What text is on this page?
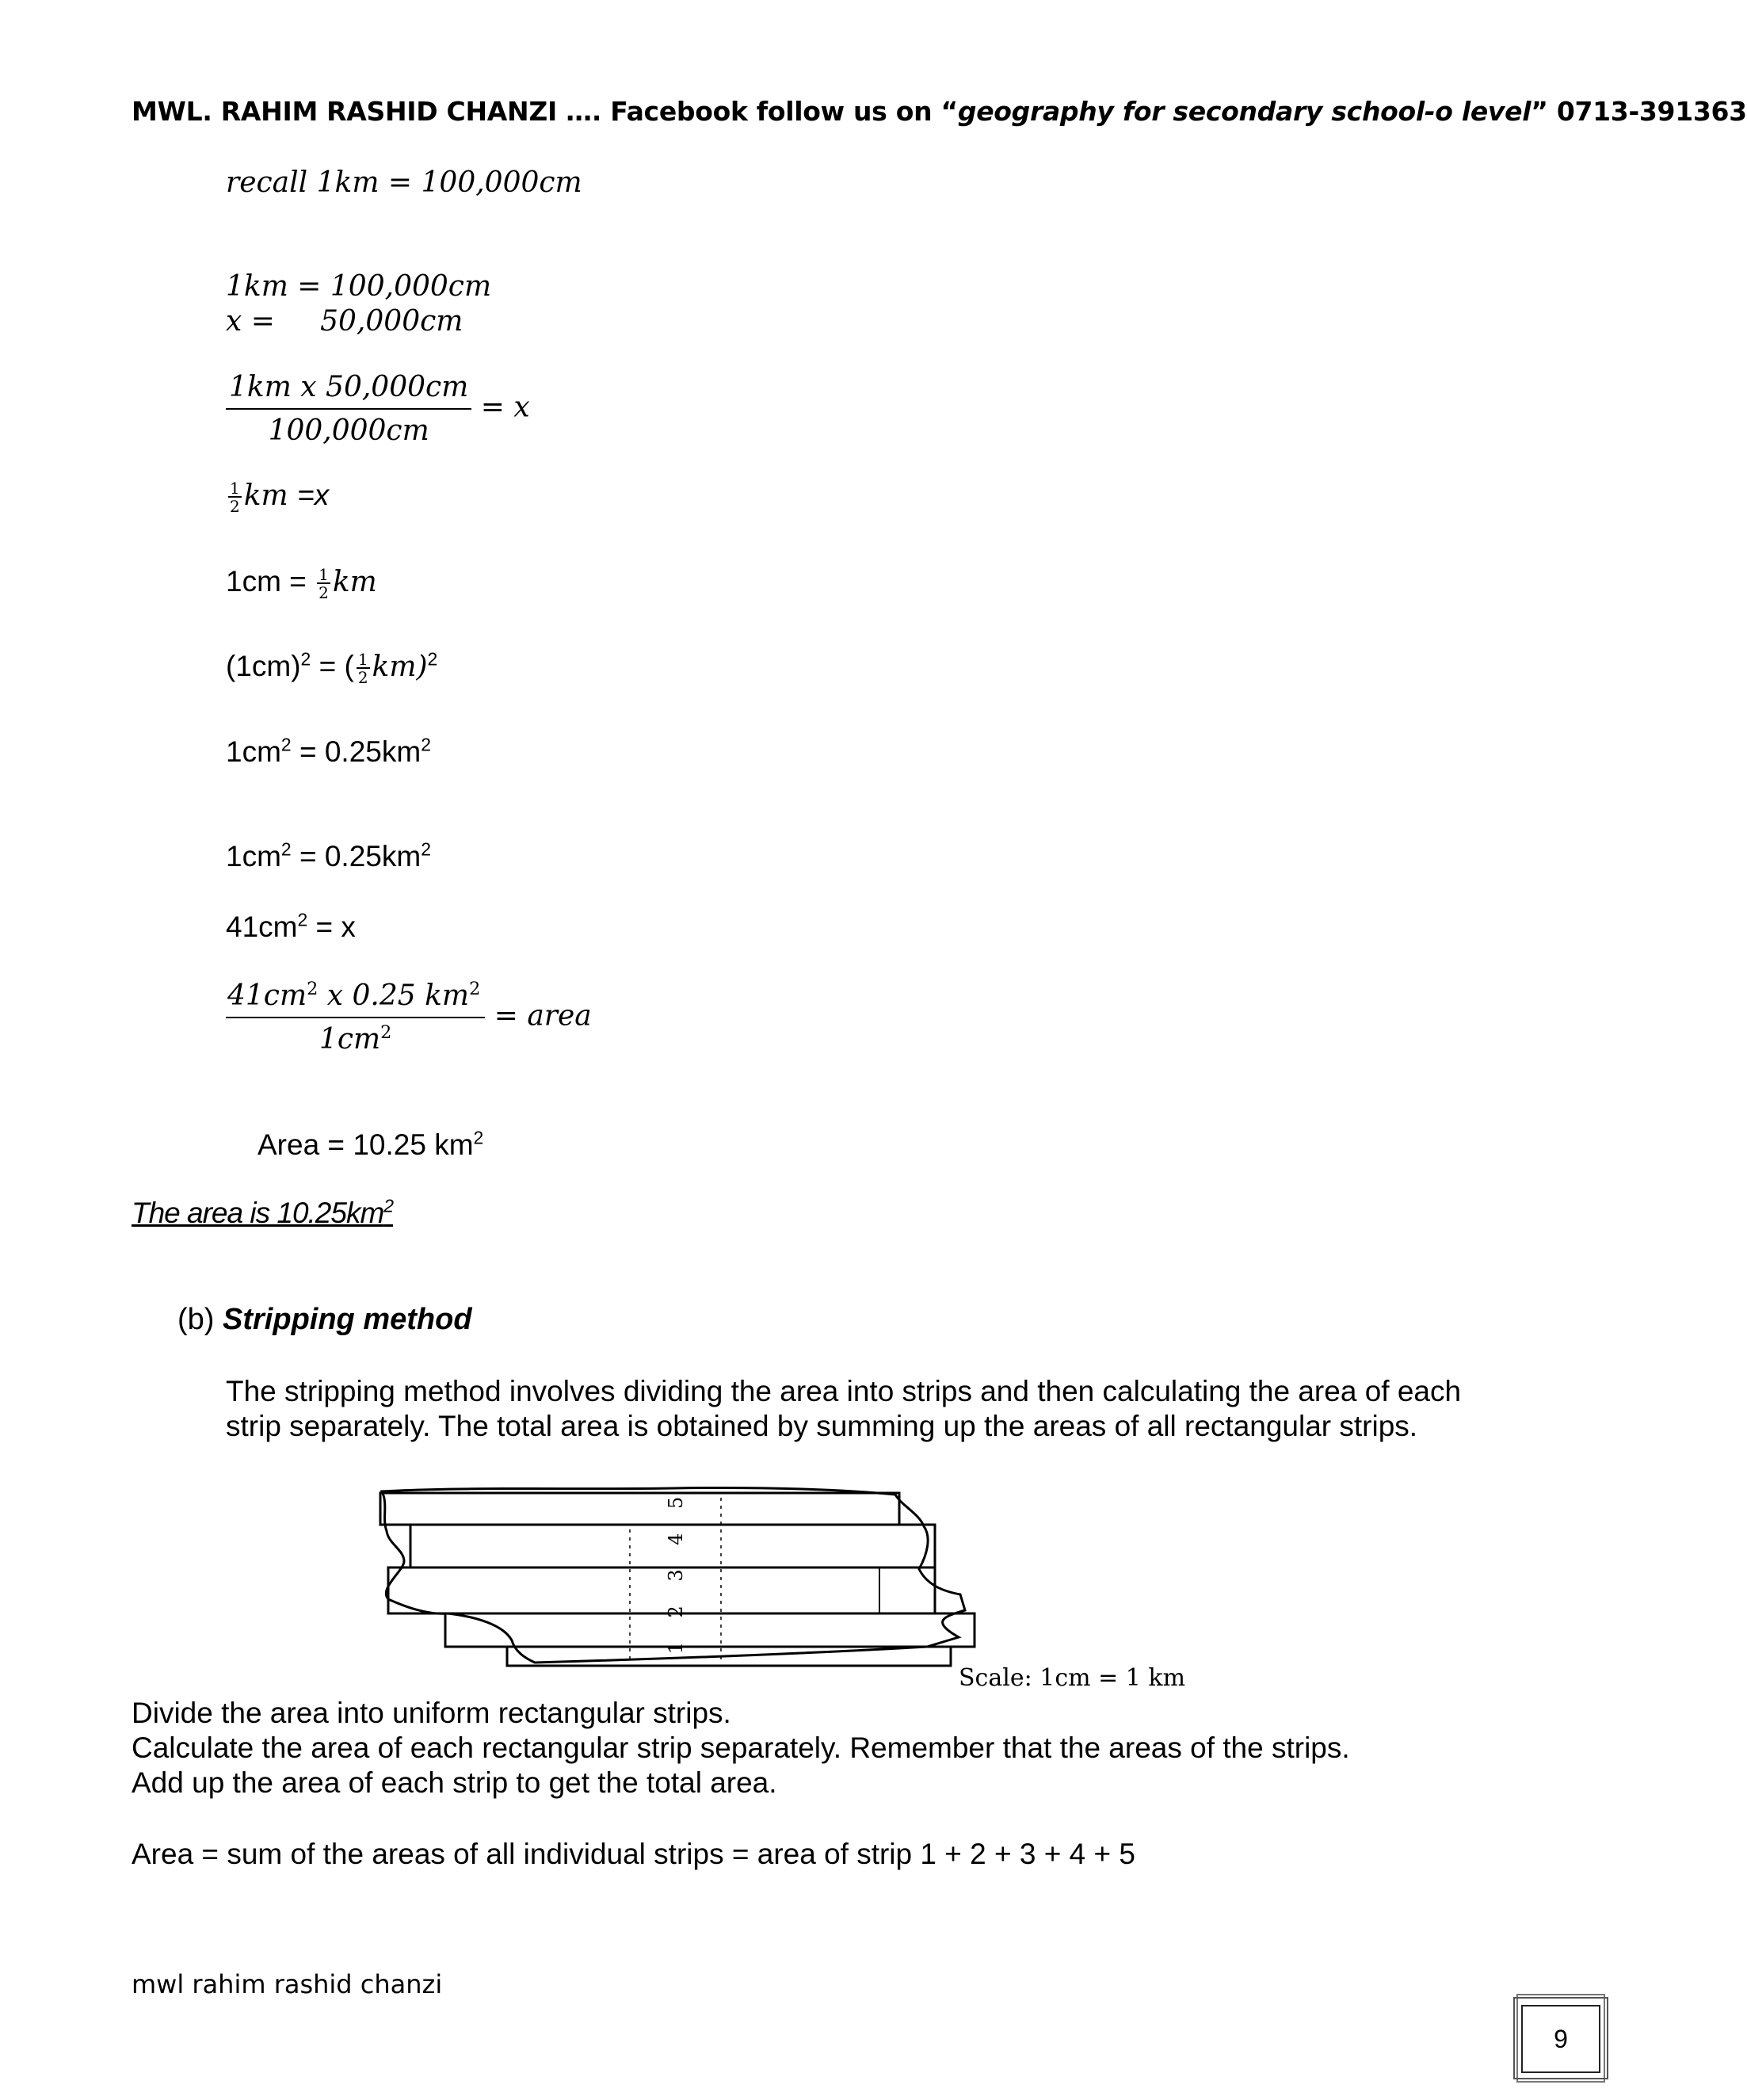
MWL. RAHIM RASHID CHANZI …. Facebook follow us on “geography for secondary school-o level” 0713-391363
recall 1km = 100,000cm
1km = 100,000cm
x =     50,000cm
$\frac{\text{1km x 50,000cm}}{100,000cm} = x$
$\frac{1}{2}$ km =x
$1cm = \frac{1}{2}$ km
$(1cm)^2$ = ( $\frac{1}{2} km)^2$
$1cm^2 = 0.25km^2$
$1cm^2 = 0.25km^2$
$41cm^2 = x$
$\frac{41cm^2 x 0.25 km^2}{1cm^2}$ = area
Area = 10.25 $km^2$
The area is $10.25km^2$
(b) Stripping method
The stripping method involves dividing the area into strips and then calculating the area of each
strip separately. The total area is obtained by summing up the areas of all rectangular strips.
1    2    3    4    5
Scale: 1cm = 1 km
Divide the area into uniform rectangular strips.
Calculate the area of each rectangular strip separately. Remember that the areas of the strips.
Add up the area of each strip to get the total area.
Area = sum of the areas of all individual strips = area of strip 1 + 2 + 3 + 4 + 5
mwl rahim rashid chanzi
9
